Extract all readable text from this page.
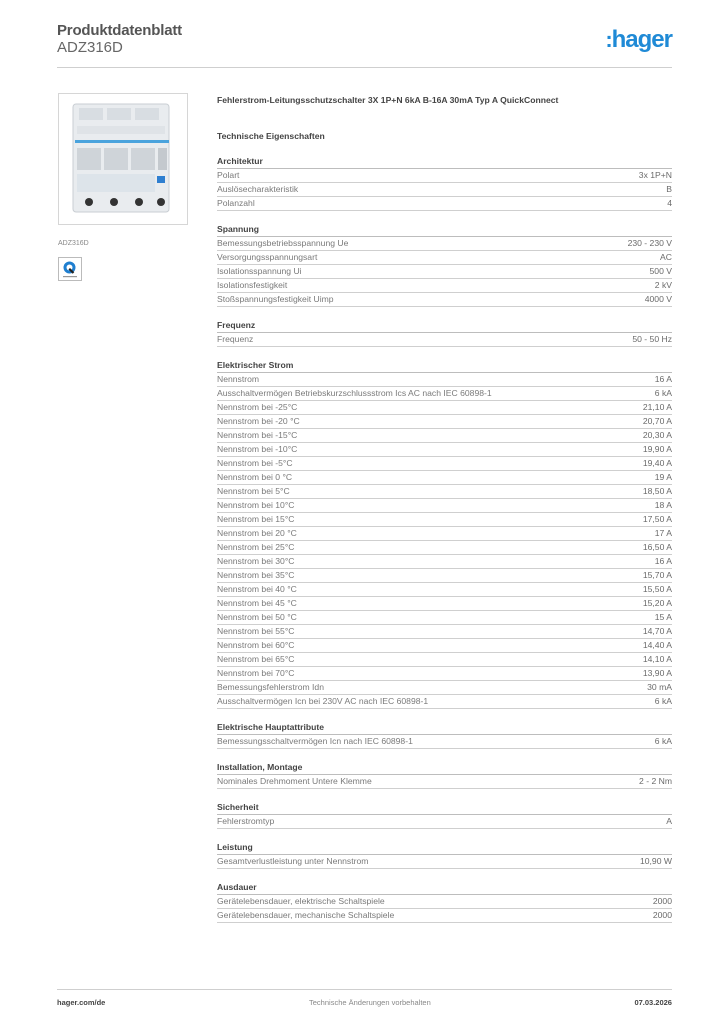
Produktdatenblatt
ADZ316D	:hager
ADZ316D
Fehlerstrom-Leitungsschutzschalter 3X 1P+N 6kA B-16A 30mA Typ A QuickConnect
Technische Eigenschaften
Architektur
Polart	3x 1P+N
Auslösecharakteristik	B
Polanzahl	4
Spannung
Bemessungsbetriebsspannung Ue	230 - 230 V
Versorgungsspannungsart	AC
Isolationsspannung Ui	500 V
Isolationsfestigkeit	2 kV
Stoßspannungsfestigkeit Uimp	4000 V
Frequenz
Frequenz	50 - 50 Hz
Elektrischer Strom
Nennstrom	16 A
Ausschaltvermögen Betriebskurzschlussstrom Ics AC nach IEC 60898-1	6 kA
Nennstrom bei -25°C	21,10 A
Nennstrom bei -20 °C	20,70 A
Nennstrom bei -15°C	20,30 A
Nennstrom bei -10°C	19,90 A
Nennstrom bei -5°C	19,40 A
Nennstrom bei 0 °C	19 A
Nennstrom bei 5°C	18,50 A
Nennstrom bei 10°C	18 A
Nennstrom bei 15°C	17,50 A
Nennstrom bei 20 °C	17 A
Nennstrom bei 25°C	16,50 A
Nennstrom bei 30°C	16 A
Nennstrom bei 35°C	15,70 A
Nennstrom bei 40 °C	15,50 A
Nennstrom bei 45 °C	15,20 A
Nennstrom bei 50 °C	15 A
Nennstrom bei 55°C	14,70 A
Nennstrom bei 60°C	14,40 A
Nennstrom bei 65°C	14,10 A
Nennstrom bei 70°C	13,90 A
Bemessungsfehlerstrom Idn	30 mA
Ausschaltvermögen Icn bei 230V AC nach IEC 60898-1	6 kA
Elektrische Hauptattribute
Bemessungsschaltvermögen Icn nach IEC 60898-1	6 kA
Installation, Montage
Nominales Drehmoment Untere Klemme	2 - 2 Nm
Sicherheit
Fehlerstromtyp	A
Leistung
Gesamtverlustleistung unter Nennstrom	10,90 W
Ausdauer
Gerätelebensdauer, elektrische Schaltspiele	2000
Gerätelebensdauer, mechanische Schaltspiele	2000
hager.com/de	Technische Änderungen vorbehalten	07.03.2026
